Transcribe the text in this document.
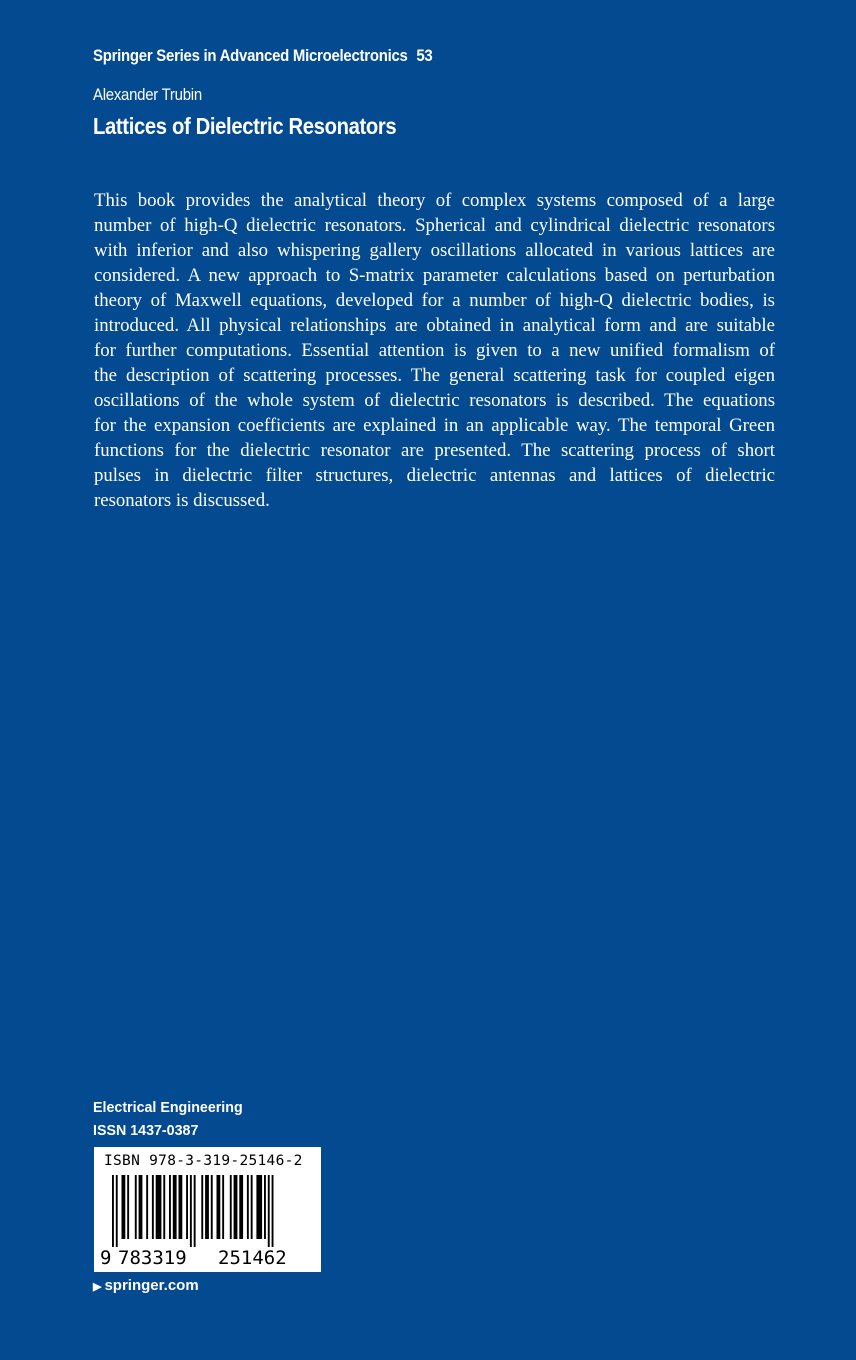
Springer Series in Advanced Microelectronics 53
Alexander Trubin
Lattices of Dielectric Resonators
This book provides the analytical theory of complex systems composed of a large
number of high-Q dielectric resonators. Spherical and cylindrical dielectric resonators
with inferior and also whispering gallery oscillations allocated in various lattices are
considered. A new approach to S-matrix parameter calculations based on perturbation
theory of Maxwell equations, developed for a number of high-Q dielectric bodies, is
introduced. All physical relationships are obtained in analytical form and are suitable
for further computations. Essential attention is given to a new unified formalism of
the description of scattering processes. The general scattering task for coupled eigen
oscillations of the whole system of dielectric resonators is described. The equations
for the expansion coefficients are explained in an applicable way. The temporal Green
functions for the dielectric resonator are presented. The scattering process of short
pulses in dielectric filter structures, dielectric antennas and lattices of dielectric
resonators is discussed.
Electrical Engineering
ISSN 1437-0387
ISBN 978-3-319-25146-2
9 783319 251462
▶ springer.com
